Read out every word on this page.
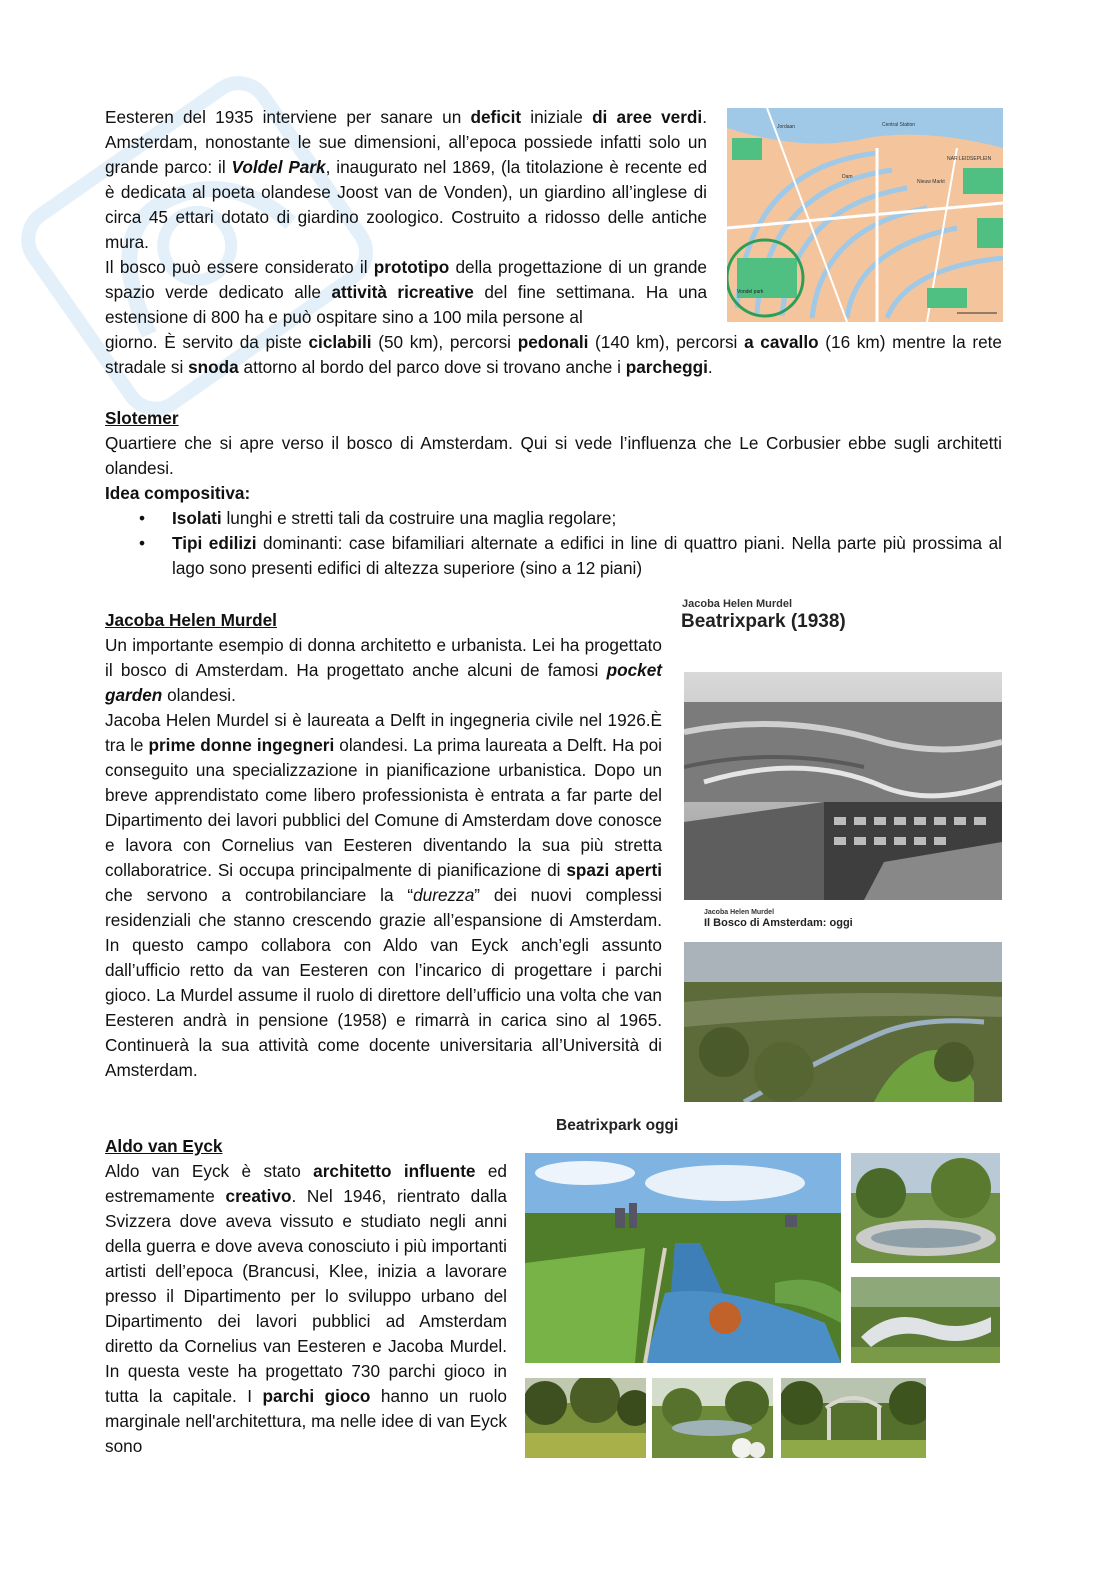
Eesteren del 1935 interviene per sanare un deficit iniziale di aree verdi. Amsterdam, nonostante le sue dimensioni, all’epoca possiede infatti solo un grande parco: il Voldel Park, inaugurato nel 1869, (la titolazione è recente ed è dedicata al poeta olandese Joost van de Vonden), un giardino all’inglese di circa 45 ettari dotato di giardino zoologico. Costruito a ridosso delle antiche mura.
Il bosco può essere considerato il prototipo della progettazione di un grande spazio verde dedicato alle attività ricreative del fine settimana. Ha una estensione di 800 ha e può ospitare sino a 100 mila persone al
giorno. È servito da piste ciclabili (50 km), percorsi pedonali (140 km), percorsi a cavallo (16 km) mentre la rete stradale si snoda attorno al bordo del parco dove si trovano anche i parcheggi.
Central Station
Jordaan
NAR LEIDSEPLEIN
Dam
Nieuw Markt
Vondel park
Slotemer
Quartiere che si apre verso il bosco di Amsterdam. Qui si vede l’influenza che Le Corbusier ebbe sugli architetti olandesi.
Idea compositiva:
• Isolati lunghi e stretti tali da costruire una maglia regolare;
• Tipi edilizi dominanti: case bifamiliari alternate a edifici in line di quattro piani. Nella parte più prossima al lago sono presenti edifici di altezza superiore (sino a 12 piani)
Jacoba Helen Murdel
Un importante esempio di donna architetto e urbanista. Lei ha progettato il bosco di Amsterdam. Ha progettato anche alcuni de famosi pocket garden olandesi.
Jacoba Helen Murdel si è laureata a Delft in ingegneria civile nel 1926.È tra le prime donne ingegneri olandesi. La prima laureata a Delft. Ha poi conseguito una specializzazione in pianificazione urbanistica. Dopo un breve apprendistato come libero professionista è entrata a far parte del Dipartimento dei lavori pubblici del Comune di Amsterdam dove conosce e lavora con Cornelius van Eesteren diventando la sua più stretta collaboratrice. Si occupa principalmente di pianificazione di spazi aperti che servono a controbilanciare la “durezza” dei nuovi complessi residenziali che stanno crescendo grazie all’espansione di Amsterdam. In questo campo collabora con Aldo van Eyck anch’egli assunto dall’ufficio retto da van Eesteren con l’incarico di progettare i parchi gioco. La Murdel assume il ruolo di direttore dell’ufficio una volta che van Eesteren andrà in pensione (1958) e rimarrà in carica sino al 1965. Continuerà la sua attività come docente universitaria all’Università di Amsterdam.
Jacoba Helen Murdel
Beatrixpark (1938)
Jacoba Helen Murdel
Il Bosco di Amsterdam: oggi
Aldo van Eyck
Aldo van Eyck è stato architetto influente ed estremamente creativo. Nel 1946, rientrato dalla Svizzera dove aveva vissuto e studiato negli anni della guerra e dove aveva conosciuto i più importanti artisti dell’epoca (Brancusi, Klee, inizia a lavorare presso il Dipartimento per lo sviluppo urbano del Dipartimento dei lavori pubblici ad Amsterdam diretto da Cornelius van Eesteren e Jacoba Murdel. In questa veste ha progettato 730 parchi gioco in tutta la capitale. I parchi gioco hanno un ruolo marginale nell'architettura, ma nelle idee di van Eyck sono
Beatrixpark oggi
